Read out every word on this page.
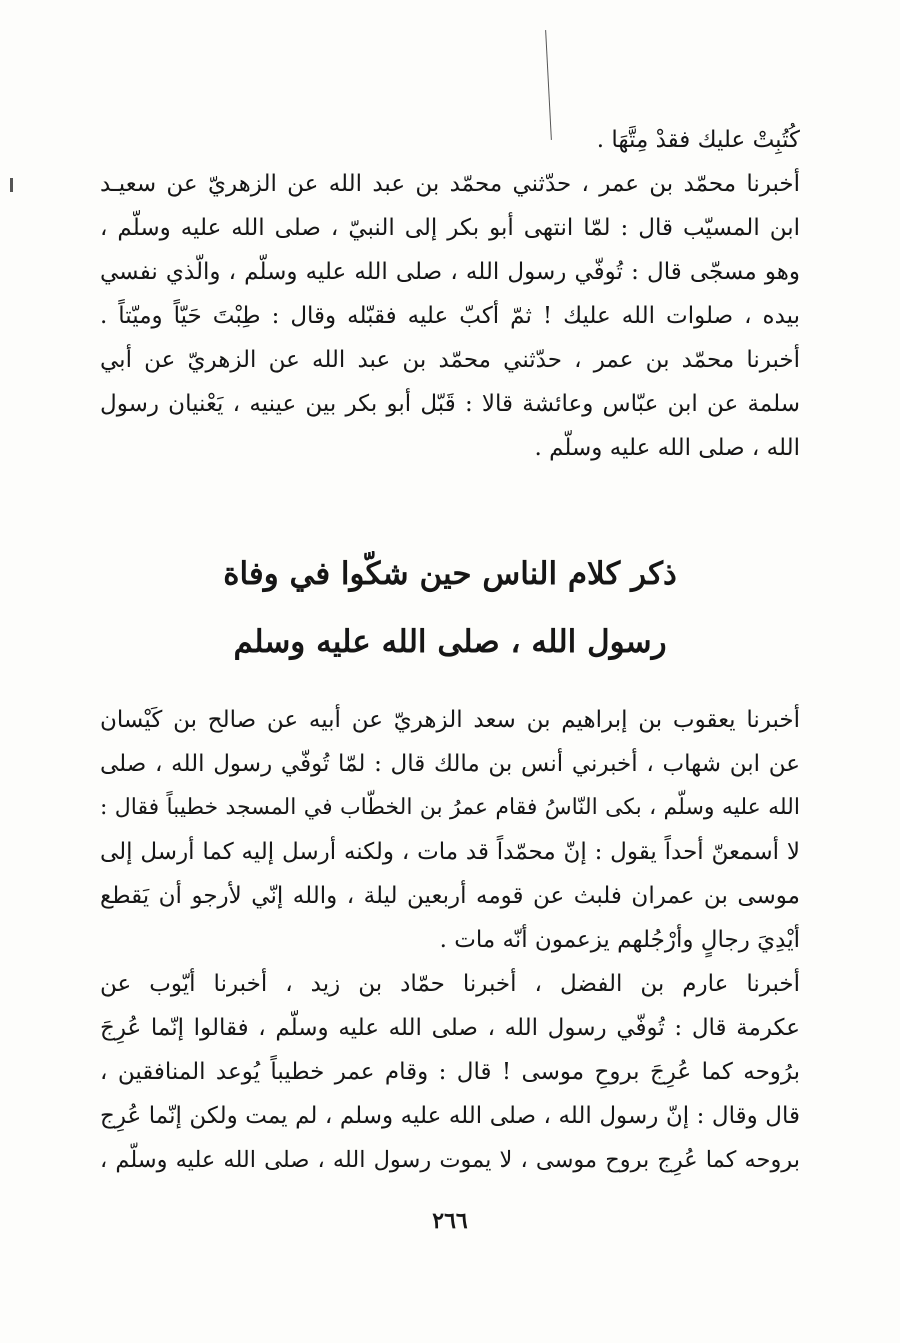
كُتُبِتْ عليك فقدْ مِتَّهَا .
أخبرنا محمّد بن عمر ، حدّثني محمّد بن عبد الله عن الزهريّ عن سعيـد
ابن المسيّب قال : لمّا انتهى أبو بكر إلى النبيّ ، صلى الله عليه وسلّم ،
وهو مسجّى قال : تُوفّي رسول الله ، صلى الله عليه وسلّم ، والّذي نفسي
بيده ، صلوات الله عليك ! ثمّ أكبّ عليه فقبّله وقال : طِبْتَ حَيّاً وميّتاً .
أخبرنا محمّد بن عمر ، حدّثني محمّد بن عبد الله عن الزهريّ عن أبي
سلمة عن ابن عبّاس وعائشة قالا : قَبّل أبو بكر بين عينيه ، يَعْنيان رسول
الله ، صلى الله عليه وسلّم .
ذكر كلام الناس حين شكّوا في وفاة
رسول الله ، صلى الله عليه وسلم
أخبرنا يعقوب بن إبراهيم بن سعد الزهريّ عن أبيه عن صالح بن كَيْسان
عن ابن شهاب ، أخبرني أنس بن مالك قال : لمّا تُوفّي رسول الله ، صلى
الله عليه وسلّم ، بكى النّاسُ فقام عمرُ بن الخطّاب في المسجد خطيباً فقال :
لا أسمعنّ أحداً يقول : إنّ محمّداً قد مات ، ولكنه أرسل إليه كما أرسل إلى
موسى بن عمران فلبث عن قومه أربعين ليلة ، والله إنّي لأرجو أن يَقطع
أيْدِيَ رجالٍ وأرْجُلهم يزعمون أنّه مات .
أخبرنا عارم بن الفضل ، أخبرنا حمّاد بن زيد ، أخبرنا أيّوب عن
عكرمة قال : تُوفّي رسول الله ، صلى الله عليه وسلّم ، فقالوا إنّما عُرِجَ
برُوحه كما عُرِجَ بروحِ موسى ! قال : وقام عمر خطيباً يُوعد المنافقين ،
قال وقال : إنّ رسول الله ، صلى الله عليه وسلم ، لم يمت ولكن إنّما عُرِج
بروحه كما عُرِج بروح موسى ، لا يموت رسول الله ، صلى الله عليه وسلّم ،
٢٦٦
